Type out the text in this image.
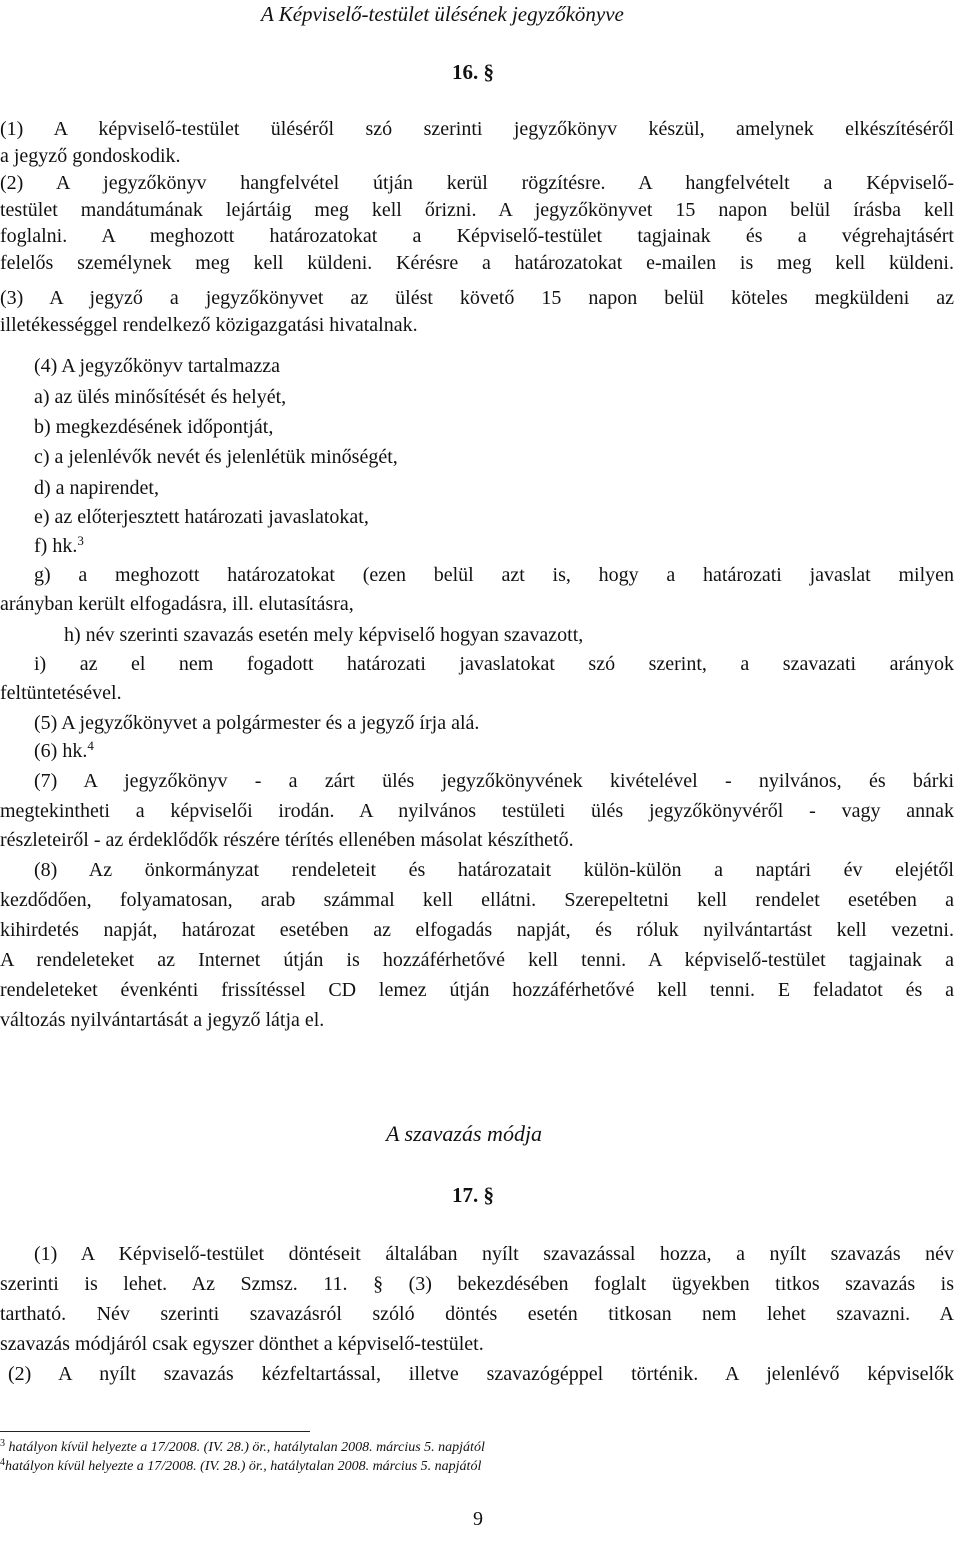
A Képviselő-testület ülésének jegyzőkönyve
16. §
(1) A képviselő-testület üléséről szó szerinti jegyzőkönyv készül, amelynek elkészítéséről
a jegyző gondoskodik.
(2) A jegyzőkönyv hangfelvétel útján kerül rögzítésre. A hangfelvételt a Képviselő-
testület mandátumának lejártáig meg kell őrizni. A jegyzőkönyvet 15 napon belül írásba kell
foglalni. A meghozott határozatokat a Képviselő-testület tagjainak és a végrehajtásért
felelős személynek meg kell küldeni. Kérésre a határozatokat e-mailen is meg kell küldeni.
(3) A jegyző a jegyzőkönyvet az ülést követő 15 napon belül köteles megküldeni az
illetékességgel rendelkező közigazgatási hivatalnak.
(4) A jegyzőkönyv tartalmazza
a) az ülés minősítését és helyét,
b) megkezdésének időpontját,
c) a jelenlévők nevét és jelenlétük minőségét,
d) a napirendet,
e) az előterjesztett határozati javaslatokat,
f) hk.$^3$
g) a meghozott határozatokat (ezen belül azt is, hogy a határozati javaslat milyen
arányban került elfogadásra, ill. elutasításra,
h) név szerinti szavazás esetén mely képviselő hogyan szavazott,
i) az el nem fogadott határozati javaslatokat szó szerint, a szavazati arányok
feltüntetésével.
(5) A jegyzőkönyvet a polgármester és a jegyző írja alá.
(6) hk.$^4$
(7) A jegyzőkönyv - a zárt ülés jegyzőkönyvének kivételével - nyilvános, és bárki
megtekintheti a képviselői irodán. A nyilvános testületi ülés jegyzőkönyvéről - vagy annak
részleteiről - az érdeklődők részére térítés ellenében másolat készíthető.
(8) Az önkormányzat rendeleteit és határozatait külön-külön a naptári év elejétől
kezdődően, folyamatosan, arab számmal kell ellátni. Szerepeltetni kell rendelet esetében a
kihirdetés napját, határozat esetében az elfogadás napját, és róluk nyilvántartást kell vezetni.
A rendeleteket az Internet útján is hozzáférhetővé kell tenni. A képviselő-testület tagjainak a
rendeleteket évenkénti frissítéssel CD lemez útján hozzáférhetővé kell tenni. E feladatot és a
változás nyilvántartását a jegyző látja el.
A szavazás módja
17. §
(1) A Képviselő-testület döntéseit általában nyílt szavazással hozza, a nyílt szavazás név
szerinti is lehet. Az Szmsz. 11. § (3) bekezdésében foglalt ügyekben titkos szavazás is
tartható. Név szerinti szavazásról szóló döntés esetén titkosan nem lehet szavazni. A
szavazás módjáról csak egyszer dönthet a képviselő-testület.
(2) A nyílt szavazás kézfeltartással, illetve szavazógéppel történik. A jelenlévő képviselők
$^3$ hatályon kívül helyezte a 17/2008. (IV. 28.) ör., hatálytalan 2008. március 5. napjától
$^4$hatályon kívül helyezte a 17/2008. (IV. 28.) ör., hatálytalan 2008. március 5. napjától
9
